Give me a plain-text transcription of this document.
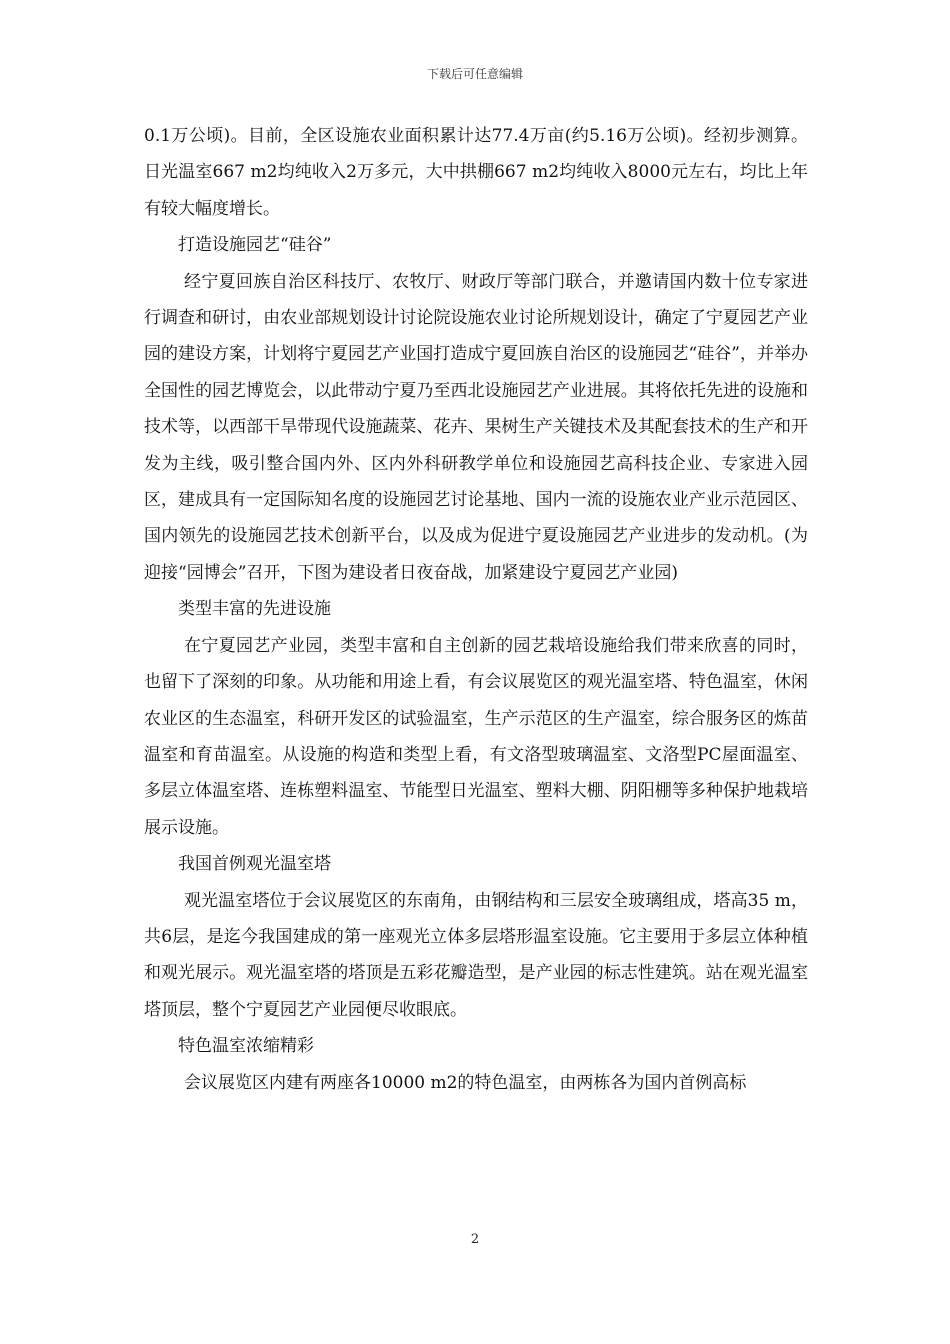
下载后可任意编辑

0.1万公顷)。目前，全区设施农业面积累计达77.4万亩(约5.16万公顷)。经初步测算。日光温室667 m2均纯收入2万多元，大中拱棚667 m2均纯收入8000元左右，均比上年有较大幅度增长。

打造设施园艺“硅谷”

经宁夏回族自治区科技厅、农牧厅、财政厅等部门联合，并邀请国内数十位专家进行调查和研讨，由农业部规划设计讨论院设施农业讨论所规划设计，确定了宁夏园艺产业园的建设方案，计划将宁夏园艺产业国打造成宁夏回族自治区的设施园艺“硅谷”，并举办全国性的园艺博览会，以此带动宁夏乃至西北设施园艺产业进展。其将依托先进的设施和技术等，以西部干旱带现代设施蔬菜、花卉、果树生产关键技术及其配套技术的生产和开发为主线，吸引整合国内外、区内外科研教学单位和设施园艺高科技企业、专家进入园区，建成具有一定国际知名度的设施园艺讨论基地、国内一流的设施农业产业示范园区、国内领先的设施园艺技术创新平台，以及成为促进宁夏设施园艺产业进步的发动机。(为迎接“园博会”召开，下图为建设者日夜奋战，加紧建设宁夏园艺产业园)

类型丰富的先进设施

在宁夏园艺产业园，类型丰富和自主创新的园艺栽培设施给我们带来欣喜的同时，也留下了深刻的印象。从功能和用途上看，有会议展览区的观光温室塔、特色温室，休闲农业区的生态温室，科研开发区的试验温室，生产示范区的生产温室，综合服务区的炼苗温室和育苗温室。从设施的构造和类型上看，有文洛型玻璃温室、文洛型PC屋面温室、多层立体温室塔、连栋塑料温室、节能型日光温室、塑料大棚、阴阳棚等多种保护地栽培展示设施。

我国首例观光温室塔

观光温室塔位于会议展览区的东南角，由钢结构和三层安全玻璃组成，塔高35 m，共6层，是迄今我国建成的第一座观光立体多层塔形温室设施。它主要用于多层立体种植和观光展示。观光温室塔的塔顶是五彩花瓣造型，是产业园的标志性建筑。站在观光温室塔顶层，整个宁夏园艺产业园便尽收眼底。

特色温室浓缩精彩

会议展览区内建有两座各10000 m2的特色温室，由两栋各为国内首例高标

2
